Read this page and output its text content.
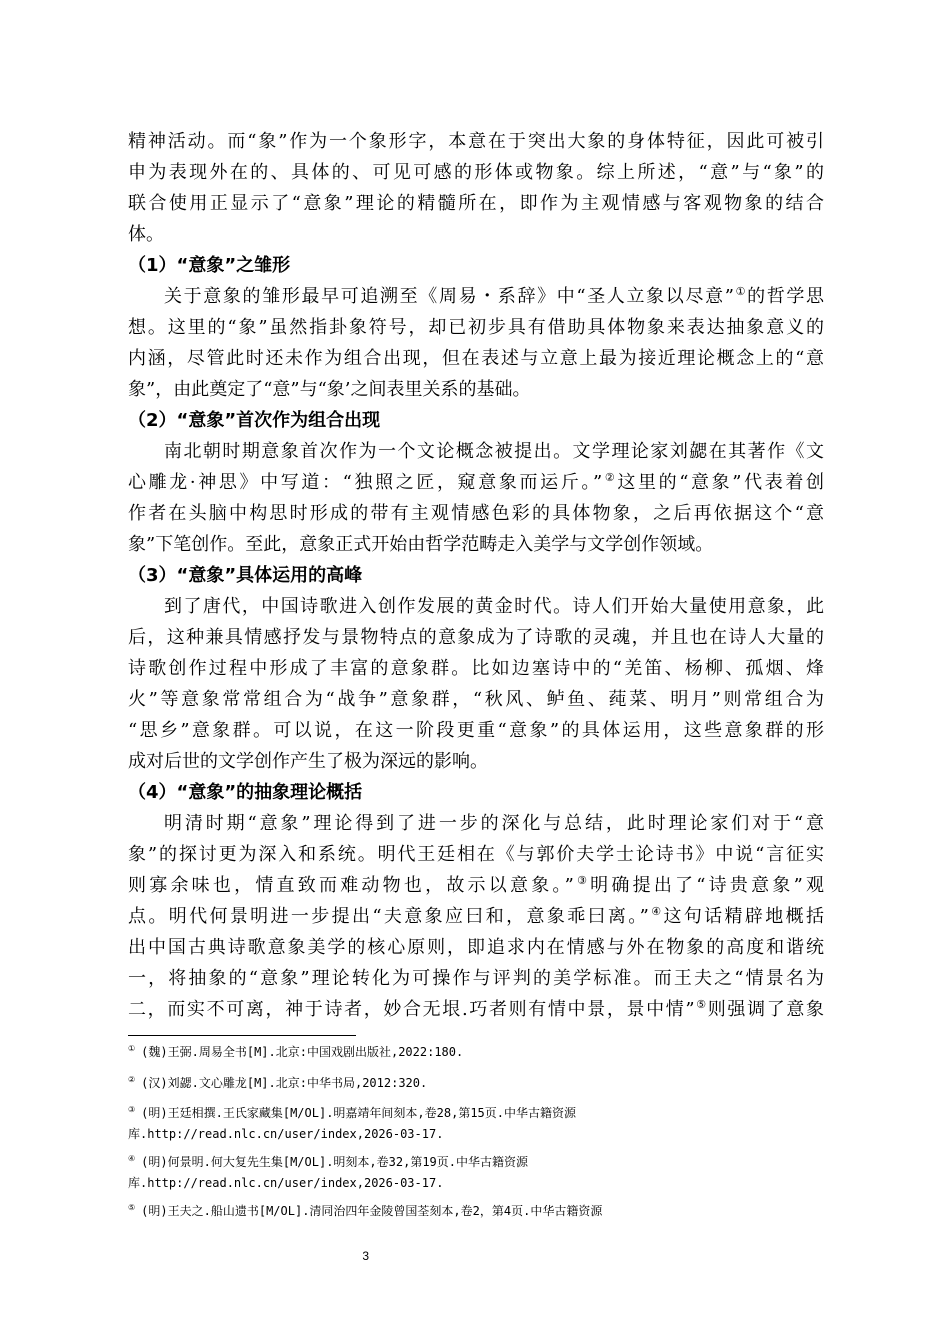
精神活动。而“象”作为一个象形字，本意在于突出大象的身体特征，因此可被引
申为表现外在的、具体的、可见可感的形体或物象。综上所述，“意”与“象”的
联合使用正显示了“意象”理论的精髓所在，即作为主观情感与客观物象的结合
体。
（1）“意象”之雏形
关于意象的雏形最早可追溯至《周易・系辞》中“圣人立象以尽意”①的哲学思
想。这里的“象”虽然指卦象符号，却已初步具有借助具体物象来表达抽象意义的
内涵，尽管此时还未作为组合出现，但在表述与立意上最为接近理论概念上的“意
象”，由此奠定了“意”与“象’之间表里关系的基础。
（2）“意象”首次作为组合出现
南北朝时期意象首次作为一个文论概念被提出。文学理论家刘勰在其著作《文
心雕龙·神思》中写道：“独照之匠，窥意象而运斤。”②这里的“意象”代表着创
作者在头脑中构思时形成的带有主观情感色彩的具体物象，之后再依据这个“意
象”下笔创作。至此，意象正式开始由哲学范畴走入美学与文学创作领域。
（3）“意象”具体运用的高峰
到了唐代，中国诗歌进入创作发展的黄金时代。诗人们开始大量使用意象，此
后，这种兼具情感抒发与景物特点的意象成为了诗歌的灵魂，并且也在诗人大量的
诗歌创作过程中形成了丰富的意象群。比如边塞诗中的“羌笛、杨柳、孤烟、烽
火”等意象常常组合为“战争”意象群，“秋风、鲈鱼、莼菜、明月”则常组合为
“思乡”意象群。可以说，在这一阶段更重“意象”的具体运用，这些意象群的形
成对后世的文学创作产生了极为深远的影响。
（4）“意象”的抽象理论概括
明清时期“意象”理论得到了进一步的深化与总结，此时理论家们对于“意
象”的探讨更为深入和系统。明代王廷相在《与郭价夫学士论诗书》中说“言征实
则寡余味也，情直致而难动物也，故示以意象。”③明确提出了“诗贵意象”观
点。明代何景明进一步提出“夫意象应曰和，意象乖曰离。”④这句话精辟地概括
出中国古典诗歌意象美学的核心原则，即追求内在情感与外在物象的高度和谐统
一，将抽象的“意象”理论转化为可操作与评判的美学标准。而王夫之“情景名为
二，而实不可离，神于诗者，妙合无垠.巧者则有情中景，景中情”⑤则强调了意象
① (魏)王弼.周易全书[M].北京:中国戏剧出版社,2022:180.
② (汉)刘勰.文心雕龙[M].北京:中华书局,2012:320.
③ (明)王廷相撰.王氏家藏集[M/OL].明嘉靖年间刻本,卷28,第15页.中华古籍资源
库.http://read.nlc.cn/user/index,2026-03-17.
④ (明)何景明.何大复先生集[M/OL].明刻本,卷32,第19页.中华古籍资源
库.http://read.nlc.cn/user/index,2026-03-17.
⑤ (明)王夫之.船山遗书[M/OL].清同治四年金陵曾国荃刻本,卷2，第4页.中华古籍资源
3
